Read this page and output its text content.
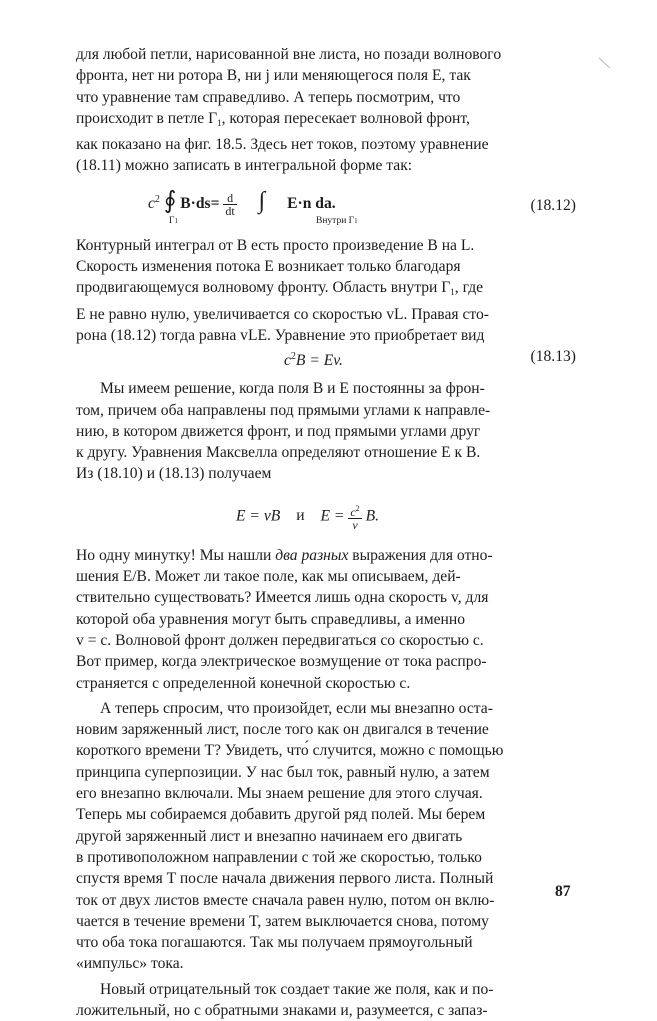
для любой петли, нарисованной вне листа, но позади волнового

фронта, нет ни ротора B, ни j или меняющегося поля E, так

что уравнение там справедливо. А теперь посмотрим, что

происходит в петле $Г_1$, которая пересекает волновой фронт,

как показано на фиг. 18.5. Здесь нет токов, поэтому уравнение

(18.11) можно записать в интегральной форме так:

$c^2$ ∮ $B\cdot ds= \frac{d}{dt}$ ∫ E·n da.
Г1	Внутри Г1
(18.12)

Контурный интеграл от B есть просто произведение B на L.

Скорость изменения потока E возникает только благодаря

продвигающемуся волновому фронту. Область внутри $Г_1$, где

E не равно нулю, увеличивается со скоростью vL. Правая сто-

рона (18.12) тогда равна vLE. Уравнение это приобретает вид

$c^2B = Ev$.	(18.13)

Мы имеем решение, когда поля B и E постоянны за фрон-

том, причем оба направлены под прямыми углами к направле-

нию, в котором движется фронт, и под прямыми углами друг

к другу. Уравнения Максвелла определяют отношение E к B.

Из (18.10) и (18.13) получаем

E = vB и $E = \frac{c^2}{v} B$.

Но одну минутку! Мы нашли два разных выражения для отно-

шения E/B. Может ли такое поле, как мы описываем, дей-

ствительно существовать? Имеется лишь одна скорость v, для

которой оба уравнения могут быть справедливы, а именно

v = c. Волновой фронт должен передвигаться со скоростью c.

Вот пример, когда электрическое возмущение от тока распро-

страняется с определенной конечной скоростью c.

А теперь спросим, что произойдет, если мы внезапно оста-

новим заряженный лист, после того как он двигался в течение

короткого времени T? Увидеть, что́ случится, можно с помощью

принципа суперпозиции. У нас был ток, равный нулю, а затем

его внезапно включали. Мы знаем решение для этого случая.

Теперь мы собираемся добавить другой ряд полей. Мы берем

другой заряженный лист и внезапно начинаем его двигать

в противоположном направлении с той же скоростью, только

спустя время T после начала движения первого листа. Полный

ток от двух листов вместе сначала равен нулю, потом он вклю-

чается в течение времени T, затем выключается снова, потому

что оба тока погашаются. Так мы получаем прямоугольный

«импульс» тока.

Новый отрицательный ток создает такие же поля, как и по-

ложительный, но с обратными знаками и, разумеется, с запаз-

87
